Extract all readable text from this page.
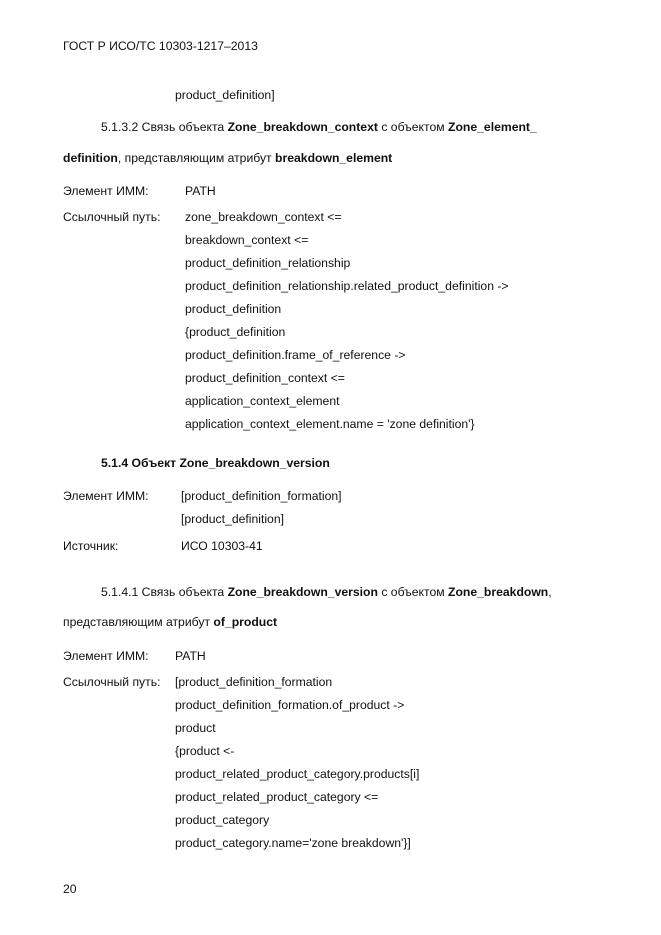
ГОСТ Р ИСО/ТС 10303-1217–2013
product_definition]
5.1.3.2 Связь объекта Zone_breakdown_context с объектом Zone_element_
definition, представляющим атрибут breakdown_element
Элемент ИММ:	PATH
Ссылочный путь: zone_breakdown_context <=
breakdown_context <=
product_definition_relationship
product_definition_relationship.related_product_definition ->
product_definition
{product_definition
product_definition.frame_of_reference ->
product_definition_context <=
application_context_element
application_context_element.name = 'zone definition'}
5.1.4 Объект Zone_breakdown_version
Элемент ИММ:	[product_definition_formation]
[product_definition]
Источник:	ИСО 10303-41
5.1.4.1 Связь объекта Zone_breakdown_version с объектом Zone_breakdown,
представляющим атрибут of_product
Элемент ИММ: PATH
Ссылочный путь: [product_definition_formation
product_definition_formation.of_product ->
product
{product <-
product_related_product_category.products[i]
product_related_product_category <=
product_category
product_category.name='zone breakdown'}]
20
